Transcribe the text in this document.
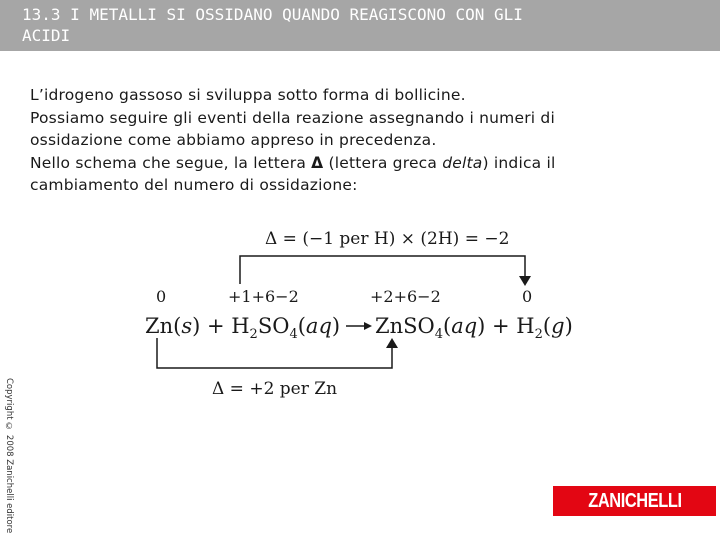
13.3 I METALLI SI OSSIDANO QUANDO REAGISCONO CON GLI
ACIDI

L’idrogeno gassoso si sviluppa sotto forma di bollicine.

Possiamo seguire gli eventi della reazione assegnando i numeri di

ossidazione come abbiamo appreso in precedenza.

Nello schema che segue, la lettera Δ (lettera greca delta) indica il

cambiamento del numero di ossidazione:

Δ = (−1 per H) × (2H) = −2
0	+1+6−2	+2+6−2	0
$Zn(s) + H_2SO_4(aq)$ ZnSO$_4$(aq) + $H_2(g)$
Δ = +2 per Zn
Copyright © 2008 Zanichelli editore	ZANICHELLI
